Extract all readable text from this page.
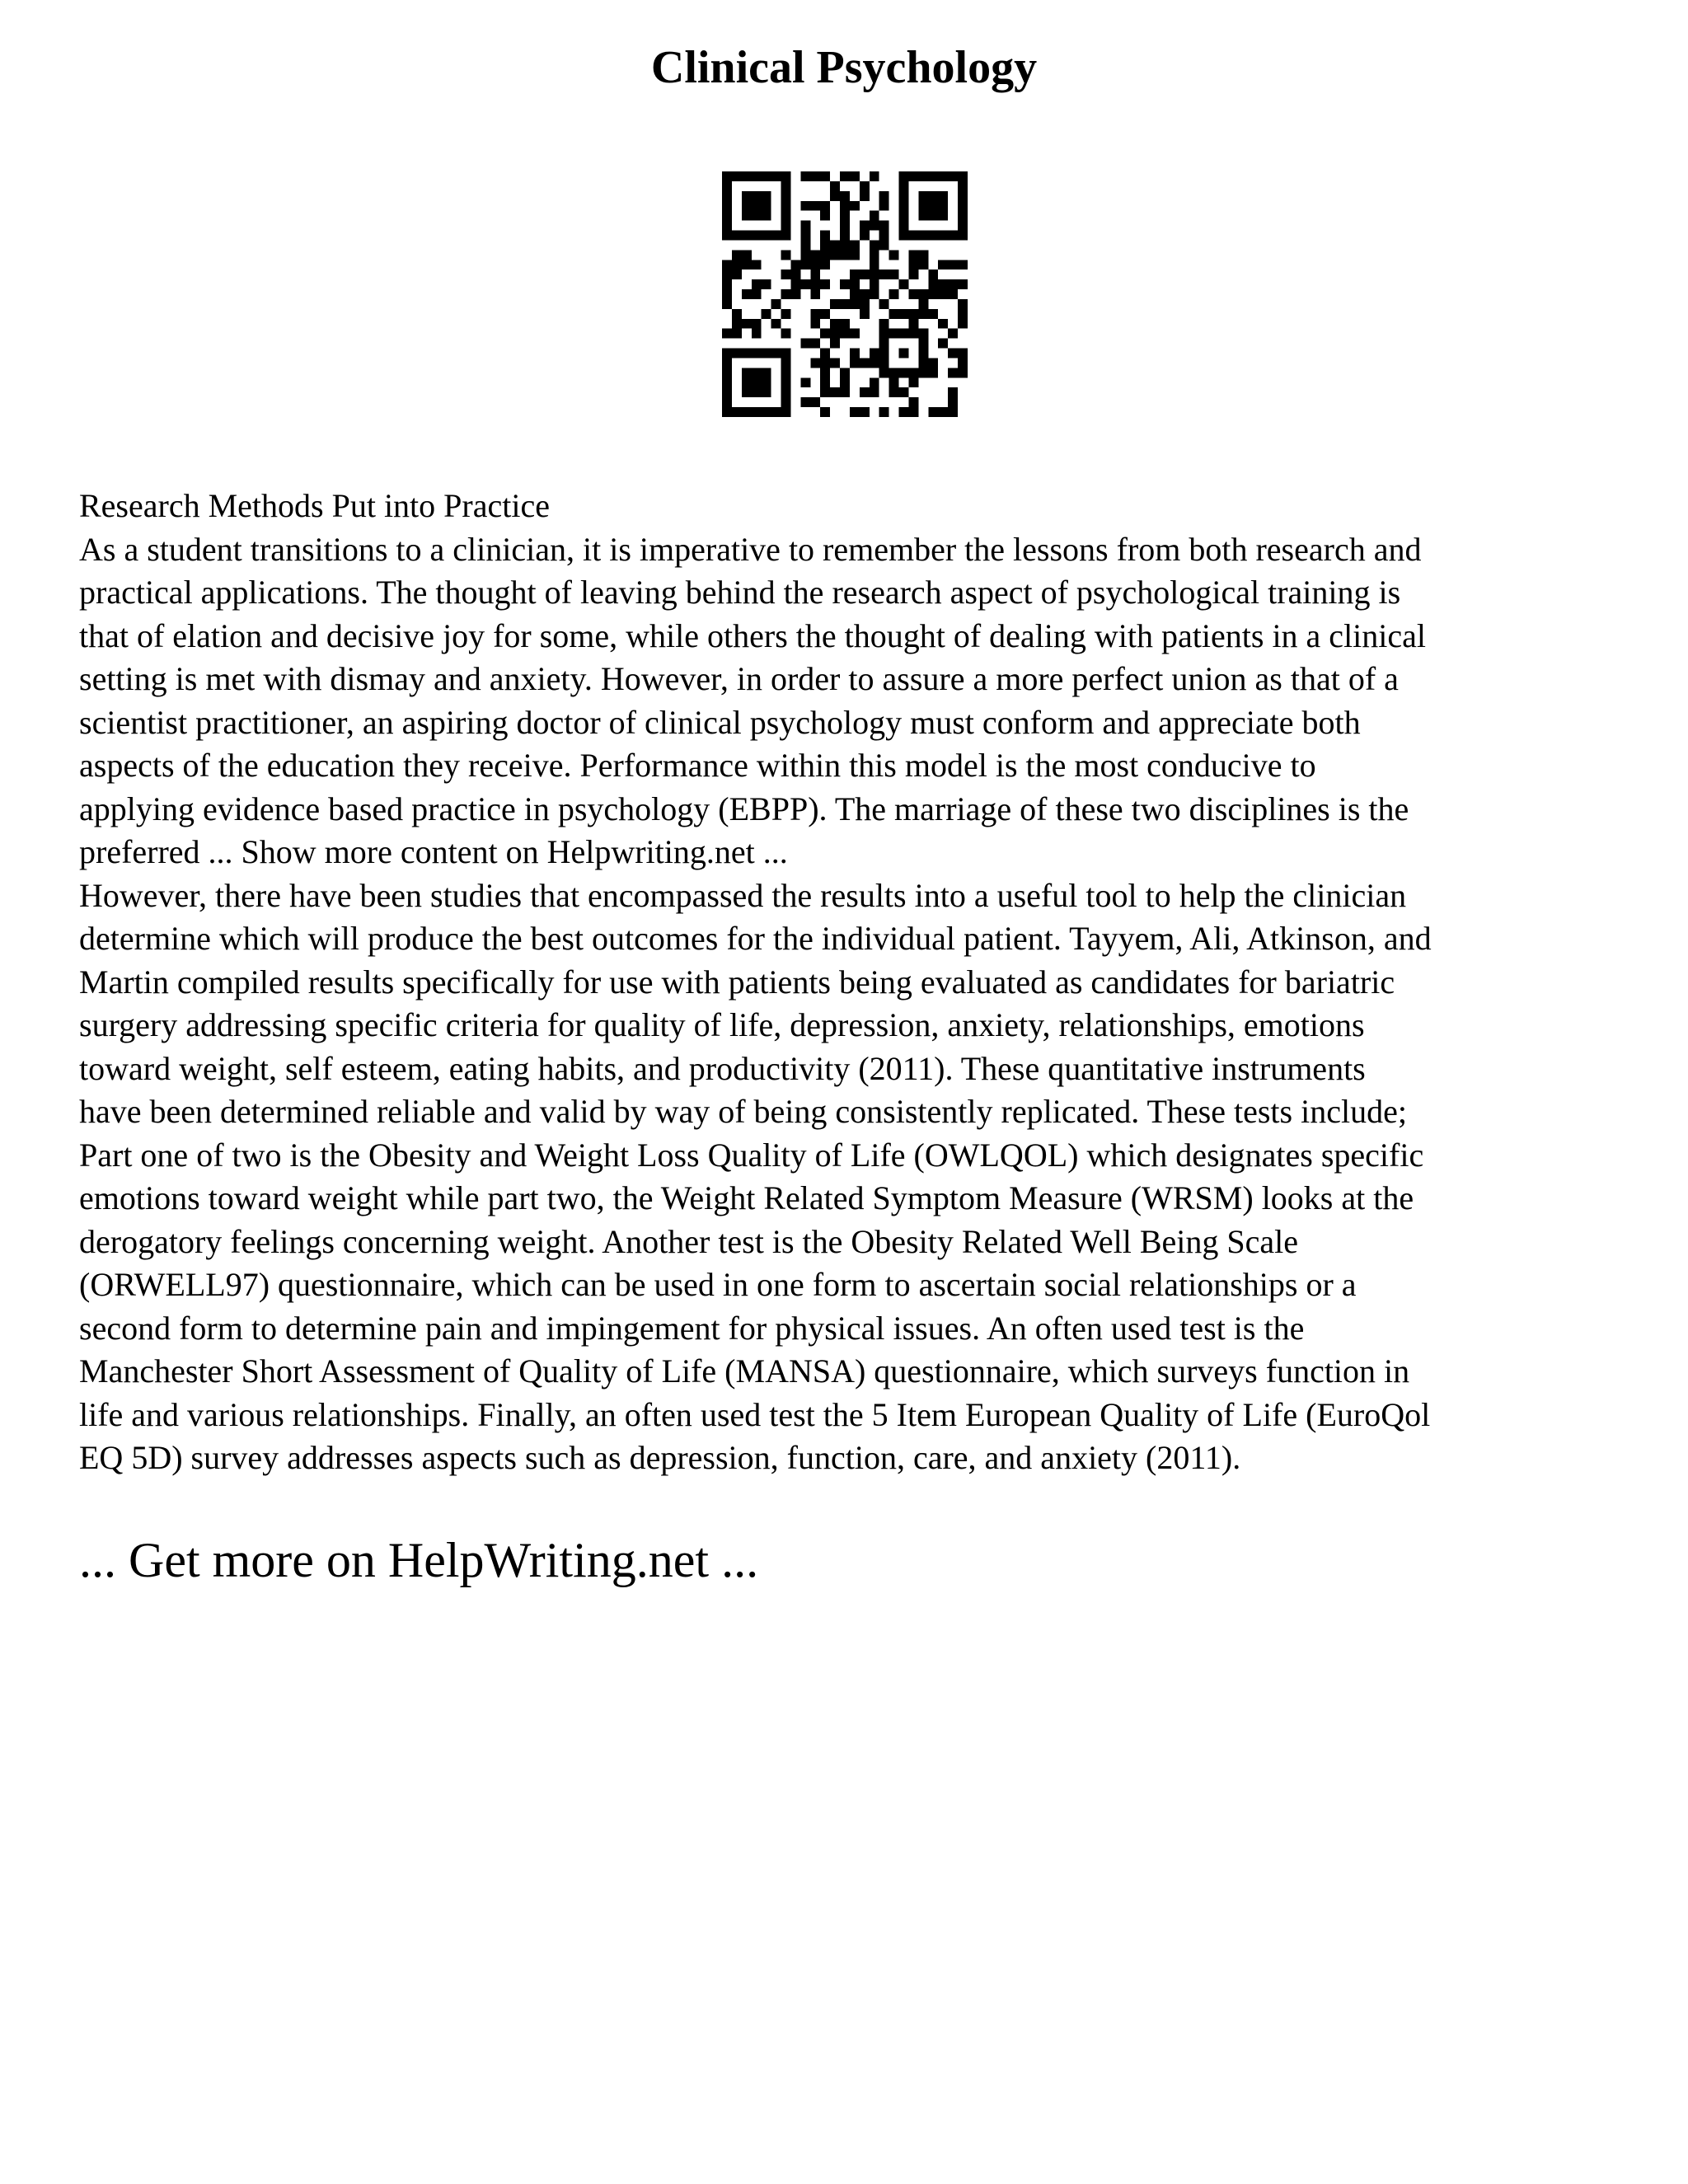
Clinical Psychology

Research Methods Put into Practice

As a student transitions to a clinician, it is imperative to remember the lessons from both research and
practical applications. The thought of leaving behind the research aspect of psychological training is
that of elation and decisive joy for some, while others the thought of dealing with patients in a clinical
setting is met with dismay and anxiety. However, in order to assure a more perfect union as that of a
scientist practitioner, an aspiring doctor of clinical psychology must conform and appreciate both
aspects of the education they receive. Performance within this model is the most conducive to
applying evidence based practice in psychology (EBPP). The marriage of these two disciplines is the
preferred ... Show more content on Helpwriting.net ...

However, there have been studies that encompassed the results into a useful tool to help the clinician
determine which will produce the best outcomes for the individual patient. Tayyem, Ali, Atkinson, and
Martin compiled results specifically for use with patients being evaluated as candidates for bariatric
surgery addressing specific criteria for quality of life, depression, anxiety, relationships, emotions
toward weight, self esteem, eating habits, and productivity (2011). These quantitative instruments
have been determined reliable and valid by way of being consistently replicated. These tests include;
Part one of two is the Obesity and Weight Loss Quality of Life (OWLQOL) which designates specific
emotions toward weight while part two, the Weight Related Symptom Measure (WRSM) looks at the
derogatory feelings concerning weight. Another test is the Obesity Related Well Being Scale
(ORWELL97) questionnaire, which can be used in one form to ascertain social relationships or a
second form to determine pain and impingement for physical issues. An often used test is the
Manchester Short Assessment of Quality of Life (MANSA) questionnaire, which surveys function in
life and various relationships. Finally, an often used test the 5 Item European Quality of Life (EuroQol
EQ 5D) survey addresses aspects such as depression, function, care, and anxiety (2011).

... Get more on HelpWriting.net ...
